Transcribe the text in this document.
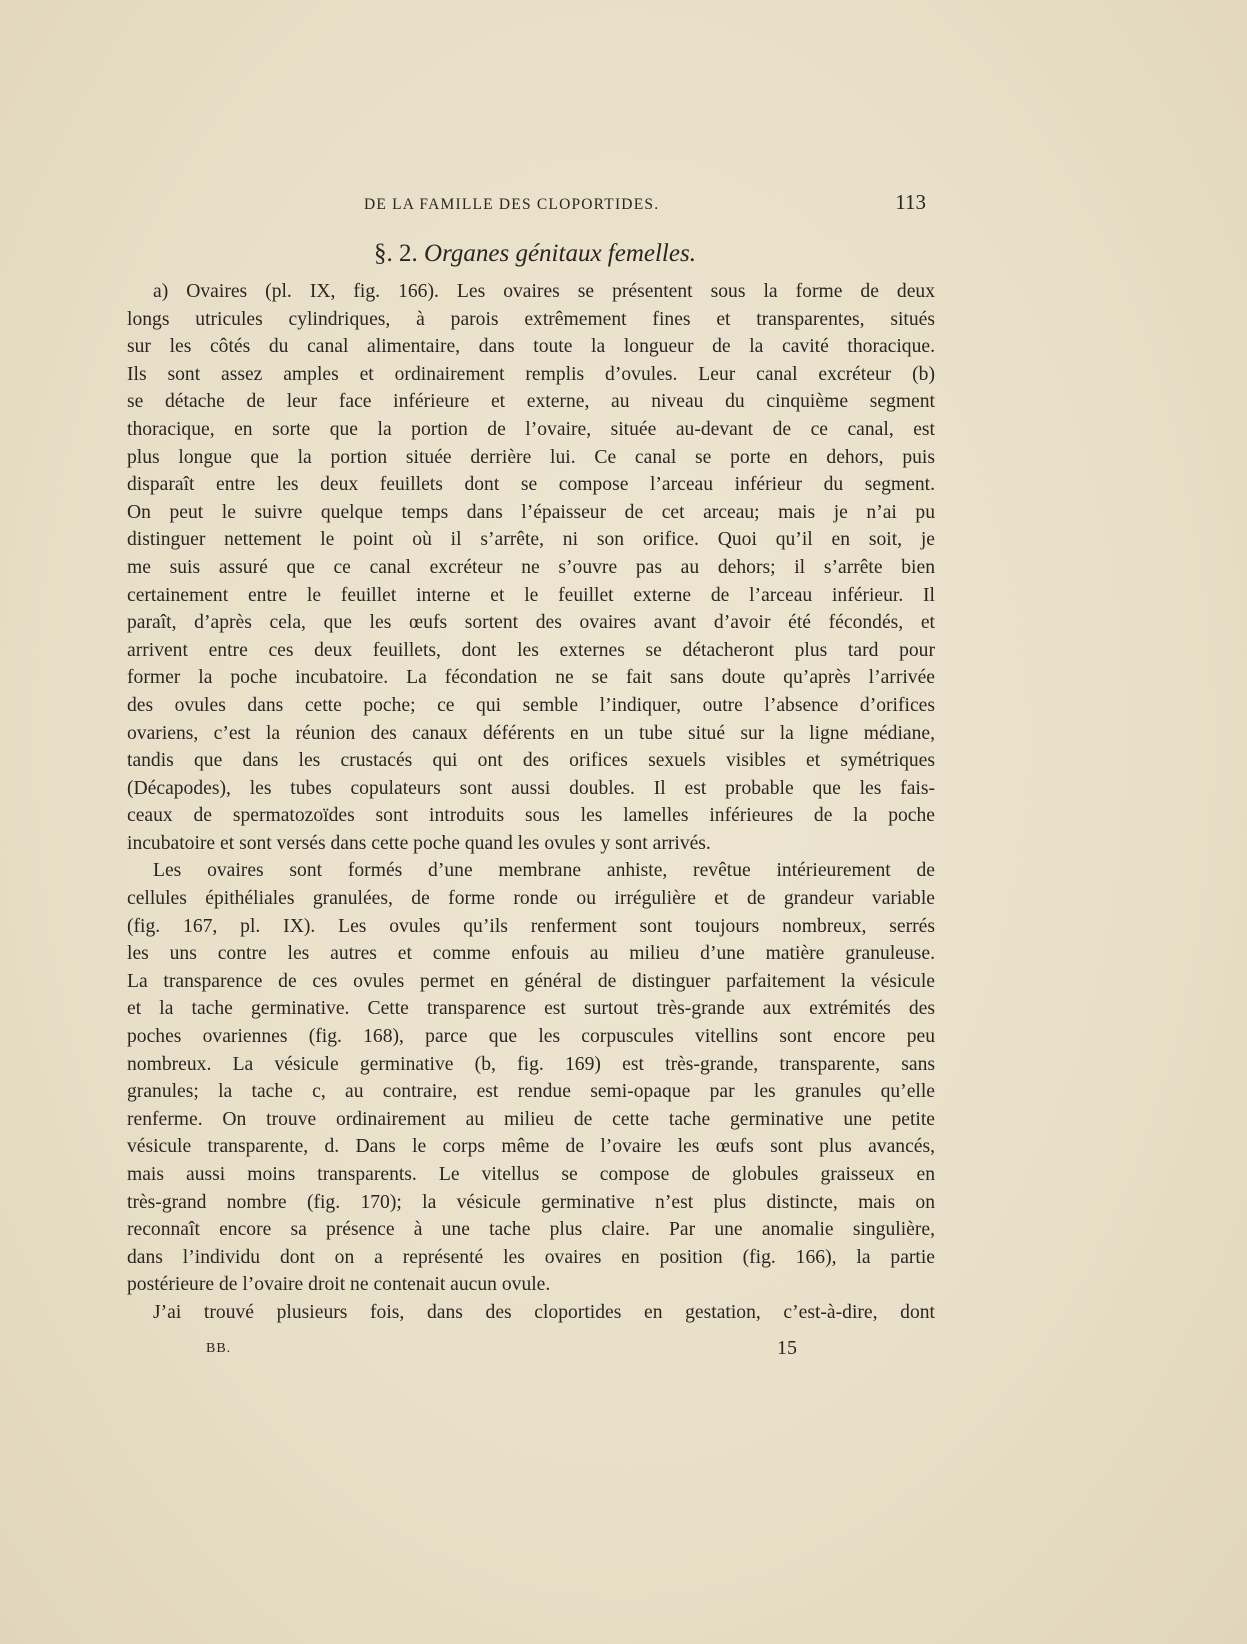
DE LA FAMILLE DES CLOPORTIDES.	113
§. 2. Organes génitaux femelles.
a) Ovaires (pl. IX, fig. 166). Les ovaires se présentent sous la forme de deux
longs utricules cylindriques, à parois extrêmement fines et transparentes, situés
sur les côtés du canal alimentaire, dans toute la longueur de la cavité thoracique.
Ils sont assez amples et ordinairement remplis d’ovules. Leur canal excréteur (b)
se détache de leur face inférieure et externe, au niveau du cinquième segment
thoracique, en sorte que la portion de l’ovaire, située au-devant de ce canal, est
plus longue que la portion située derrière lui. Ce canal se porte en dehors, puis
disparaît entre les deux feuillets dont se compose l’arceau inférieur du segment.
On peut le suivre quelque temps dans l’épaisseur de cet arceau; mais je n’ai pu
distinguer nettement le point où il s’arrête, ni son orifice. Quoi qu’il en soit, je
me suis assuré que ce canal excréteur ne s’ouvre pas au dehors; il s’arrête bien
certainement entre le feuillet interne et le feuillet externe de l’arceau inférieur. Il
paraît, d’après cela, que les œufs sortent des ovaires avant d’avoir été fécondés, et
arrivent entre ces deux feuillets, dont les externes se détacheront plus tard pour
former la poche incubatoire. La fécondation ne se fait sans doute qu’après l’arrivée
des ovules dans cette poche; ce qui semble l’indiquer, outre l’absence d’orifices
ovariens, c’est la réunion des canaux déférents en un tube situé sur la ligne médiane,
tandis que dans les crustacés qui ont des orifices sexuels visibles et symétriques
(Décapodes), les tubes copulateurs sont aussi doubles. Il est probable que les fais-
ceaux de spermatozoïdes sont introduits sous les lamelles inférieures de la poche
incubatoire et sont versés dans cette poche quand les ovules y sont arrivés.
Les ovaires sont formés d’une membrane anhiste, revêtue intérieurement de
cellules épithéliales granulées, de forme ronde ou irrégulière et de grandeur variable
(fig. 167, pl. IX). Les ovules qu’ils renferment sont toujours nombreux, serrés
les uns contre les autres et comme enfouis au milieu d’une matière granuleuse.
La transparence de ces ovules permet en général de distinguer parfaitement la vésicule
et la tache germinative. Cette transparence est surtout très-grande aux extrémités des
poches ovariennes (fig. 168), parce que les corpuscules vitellins sont encore peu
nombreux. La vésicule germinative (b, fig. 169) est très-grande, transparente, sans
granules; la tache c, au contraire, est rendue semi-opaque par les granules qu’elle
renferme. On trouve ordinairement au milieu de cette tache germinative une petite
vésicule transparente, d. Dans le corps même de l’ovaire les œufs sont plus avancés,
mais aussi moins transparents. Le vitellus se compose de globules graisseux en
très-grand nombre (fig. 170); la vésicule germinative n’est plus distincte, mais on
reconnaît encore sa présence à une tache plus claire. Par une anomalie singulière,
dans l’individu dont on a représenté les ovaires en position (fig. 166), la partie
postérieure de l’ovaire droit ne contenait aucun ovule.
J’ai trouvé plusieurs fois, dans des cloportides en gestation, c’est-à-dire, dont
BB.	15
